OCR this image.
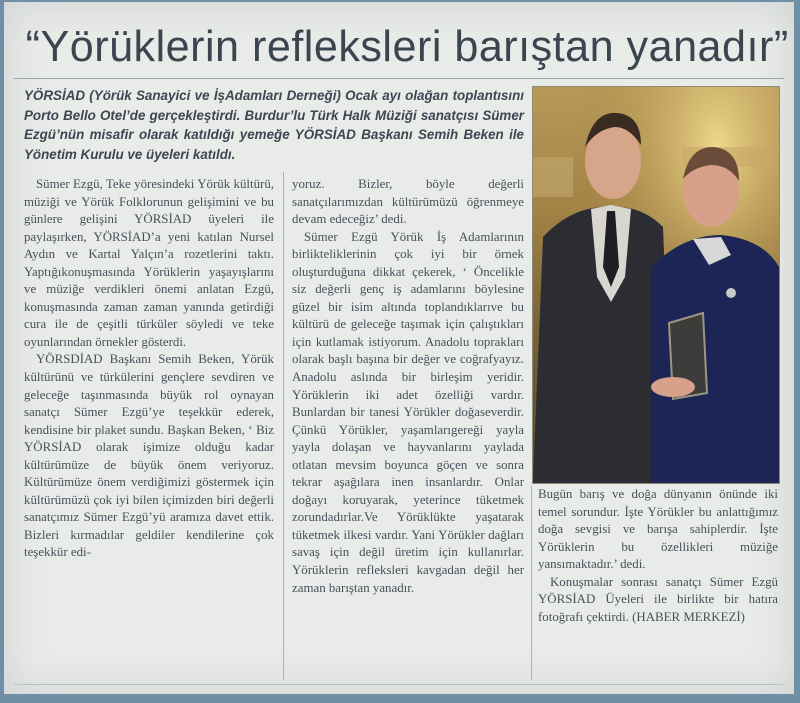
“Yörüklerin refleksleri barıştan yanadır”
YÖRSİAD (Yörük Sanayici ve İşAdamları Derneği) Ocak ayı olağan toplantısını Porto Bello Otel’de gerçekleştirdi. Burdur’lu Türk Halk Müziği sanatçısı Sümer Ezgü’nün misafir olarak katıldığı yemeğe YÖRSİAD Başkanı Semih Beken ile Yönetim Kurulu ve üyeleri katıldı.

Sümer Ezgü, Teke yöresindeki Yörük kültürü, müziği ve Yörük Folklorunun gelişimini ve bu günlere gelişini YÖRSİAD üyeleri ile paylaşırken, YÖRSİAD’a yeni katılan Nursel Aydın ve Kartal Yalçın’a rozetlerini taktı. Yaptığıkonuşmasında Yörüklerin yaşayışlarını ve müziğe verdikleri önemi anlatan Ezgü, konuşmasında zaman zaman yanında getirdiği cura ile de çeşitli türküler söyledi ve teke oyunlarından örnekler gösterdi.

YÖRSDİAD Başkanı Semih Beken, Yörük kültürünü ve türkülerini gençlere sevdiren ve geleceğe taşınmasında büyük rol oynayan sanatçı Sümer Ezgü’ye teşekkür ederek, kendisine bir plaket sundu. Başkan Beken, ‘ Biz YÖRSİAD olarak işimize olduğu kadar kültürümüze de büyük önem veriyoruz. Kültürümüze önem verdiğimizi göstermek için kültürümüzü çok iyi bilen içimizden biri değerli sanatçımız Sümer Ezgü’yü aramıza davet ettik. Bizleri kırmadılar geldiler kendilerine çok teşekkür edi-

yoruz. Bizler, böyle değerli sanatçılarımızdan kültürümüzü öğrenmeye devam edeceğiz’ dedi.

Sümer Ezgü Yörük İş Adamlarının birlikteliklerinin çok iyi bir örnek oluşturduğuna dikkat çekerek, ‘ Öncelikle siz değerli genç iş adamlarını böylesine güzel bir isim altında toplandıklarıve bu kültürü de geleceğe taşımak için çalıştıkları için kutlamak istiyorum. Anadolu toprakları olarak başlı başına bir değer ve coğrafyayız. Anadolu aslında bir birleşim yeridir. Yörüklerin iki adet özelliği vardır. Bunlardan bir tanesi Yörükler doğaseverdir. Çünkü Yörükler, yaşamlarıgereği yayla yayla dolaşan ve hayvanlarını yaylada otlatan mevsim boyunca göçen ve sonra tekrar aşağılara inen insanlardır. Onlar doğayı koruyarak, yeterince tüketmek zorundadırlar.Ve Yörüklükte yaşatarak tüketmek ilkesi vardır. Yani Yörükler dağları savaş için değil üretim için kullanırlar. Yörüklerin refleksleri kavgadan değil her zaman barıştan yanadır.

Bugün barış ve doğa dünyanın önünde iki temel sorundur. İşte Yörükler bu anlattığımız doğa sevgisi ve barışa sahiplerdir. İşte Yörüklerin bu özellikleri müziğe yansımaktadır.’ dedi.

Konuşmalar sonrası sanatçı Sümer Ezgü YÖRSİAD Üyeleri ile birlikte bir hatıra fotoğrafı çektirdi. (HABER MERKEZİ)
